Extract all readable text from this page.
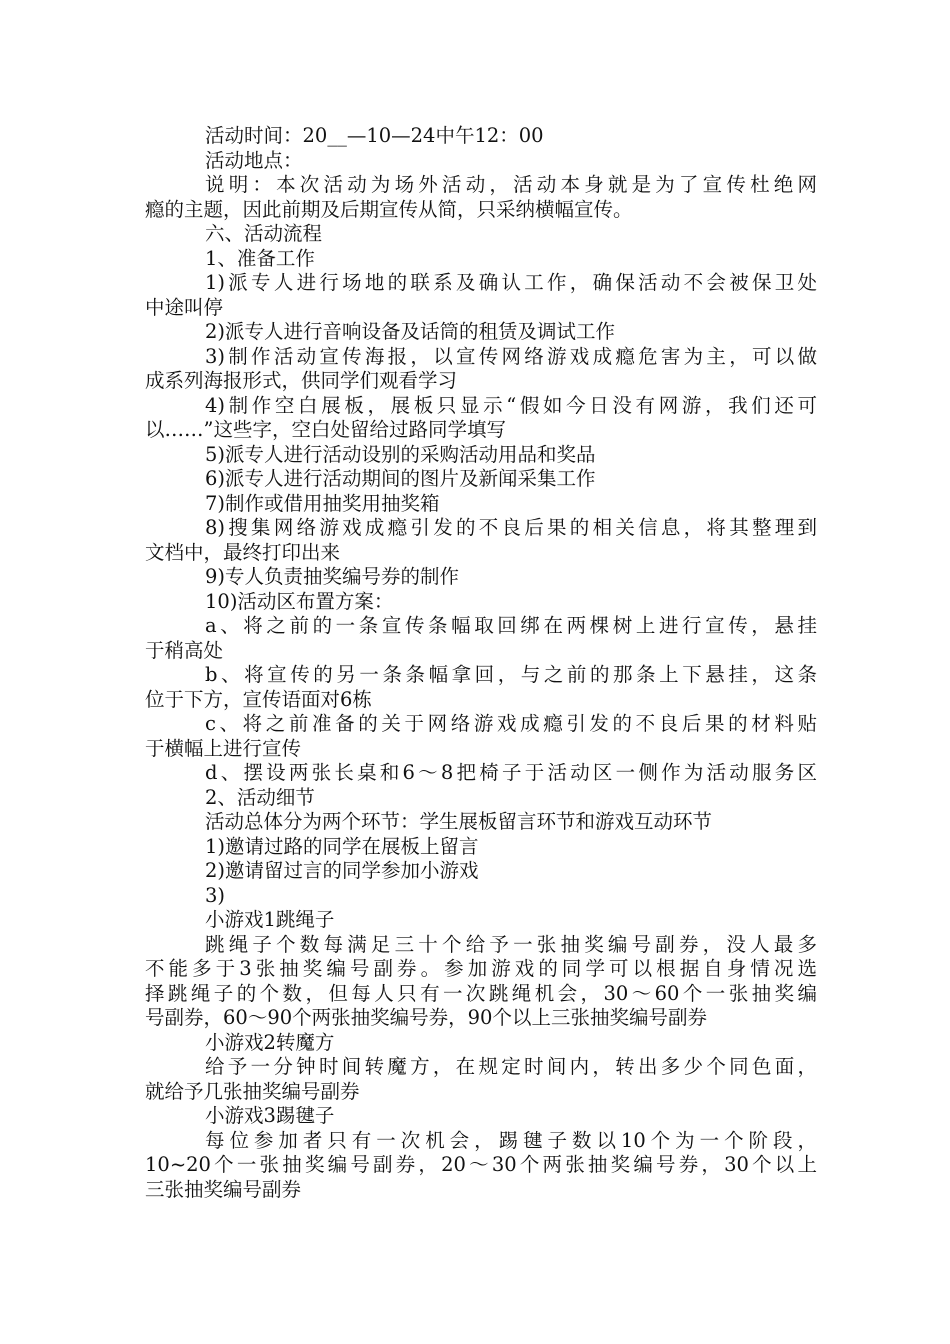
活动时间：20__—10—24中午12：00
活动地点：
说明：本次活动为场外活动，活动本身就是为了宣传杜绝网
瘾的主题，因此前期及后期宣传从简，只采纳横幅宣传。
六、活动流程
1、准备工作
1)派专人进行场地的联系及确认工作，确保活动不会被保卫处
中途叫停
2)派专人进行音响设备及话筒的租赁及调试工作
3)制作活动宣传海报，以宣传网络游戏成瘾危害为主，可以做
成系列海报形式，供同学们观看学习
4)制作空白展板，展板只显示“假如今日没有网游，我们还可
以……”这些字，空白处留给过路同学填写
5)派专人进行活动设别的采购活动用品和奖品
6)派专人进行活动期间的图片及新闻采集工作
7)制作或借用抽奖用抽奖箱
8)搜集网络游戏成瘾引发的不良后果的相关信息，将其整理到
文档中，最终打印出来
9)专人负责抽奖编号券的制作
10)活动区布置方案：
a、将之前的一条宣传条幅取回绑在两棵树上进行宣传，悬挂
于稍高处
b、将宣传的另一条条幅拿回，与之前的那条上下悬挂，这条
位于下方，宣传语面对6栋
c、将之前准备的关于网络游戏成瘾引发的不良后果的材料贴
于横幅上进行宣传
d、摆设两张长桌和6～8把椅子于活动区一侧作为活动服务区
2、活动细节
活动总体分为两个环节：学生展板留言环节和游戏互动环节
1)邀请过路的同学在展板上留言
2)邀请留过言的同学参加小游戏
3)
小游戏1跳绳子
跳绳子个数每满足三十个给予一张抽奖编号副券，没人最多
不能多于3张抽奖编号副券。参加游戏的同学可以根据自身情况选
择跳绳子的个数，但每人只有一次跳绳机会，30～60个一张抽奖编
号副券，60～90个两张抽奖编号券，90个以上三张抽奖编号副券
小游戏2转魔方
给予一分钟时间转魔方，在规定时间内，转出多少个同色面，
就给予几张抽奖编号副券
小游戏3踢毽子
每位参加者只有一次机会，踢毽子数以10个为一个阶段，
10~20个一张抽奖编号副券，20～30个两张抽奖编号券，30个以上
三张抽奖编号副券
